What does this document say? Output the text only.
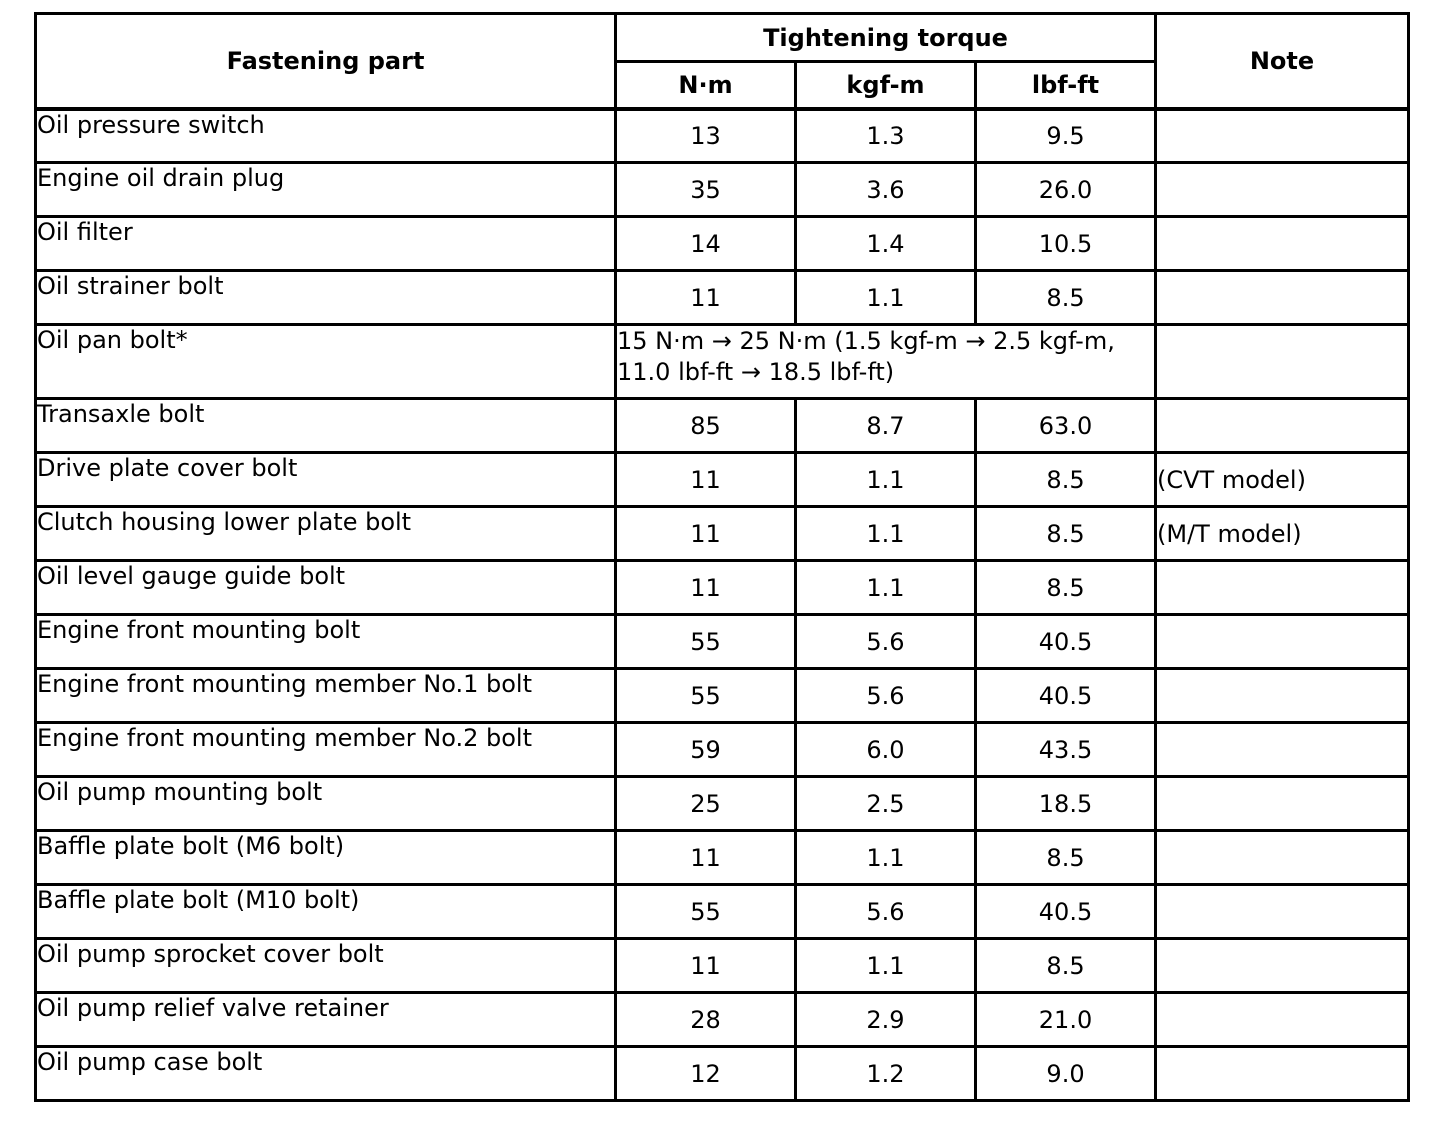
Fastening part	Tightening torque			Note
	N·m	kgf-m	lbf-ft	
Oil pressure switch	13	1.3	9.5	
Engine oil drain plug	35	3.6	26.0	
Oil filter	14	1.4	10.5	
Oil strainer bolt	11	1.1	8.5	
Oil pan bolt*	15 N·m → 25 N·m (1.5 kgf-m → 2.5 kgf-m, 11.0 lbf-ft → 18.5 lbf-ft)			
Transaxle bolt	85	8.7	63.0	
Drive plate cover bolt	11	1.1	8.5	(CVT model)
Clutch housing lower plate bolt	11	1.1	8.5	(M/T model)
Oil level gauge guide bolt	11	1.1	8.5	
Engine front mounting bolt	55	5.6	40.5	
Engine front mounting member No.1 bolt	55	5.6	40.5	
Engine front mounting member No.2 bolt	59	6.0	43.5	
Oil pump mounting bolt	25	2.5	18.5	
Baffle plate bolt (M6 bolt)	11	1.1	8.5	
Baffle plate bolt (M10 bolt)	55	5.6	40.5	
Oil pump sprocket cover bolt	11	1.1	8.5	
Oil pump relief valve retainer	28	2.9	21.0	
Oil pump case bolt	12	1.2	9.0	
